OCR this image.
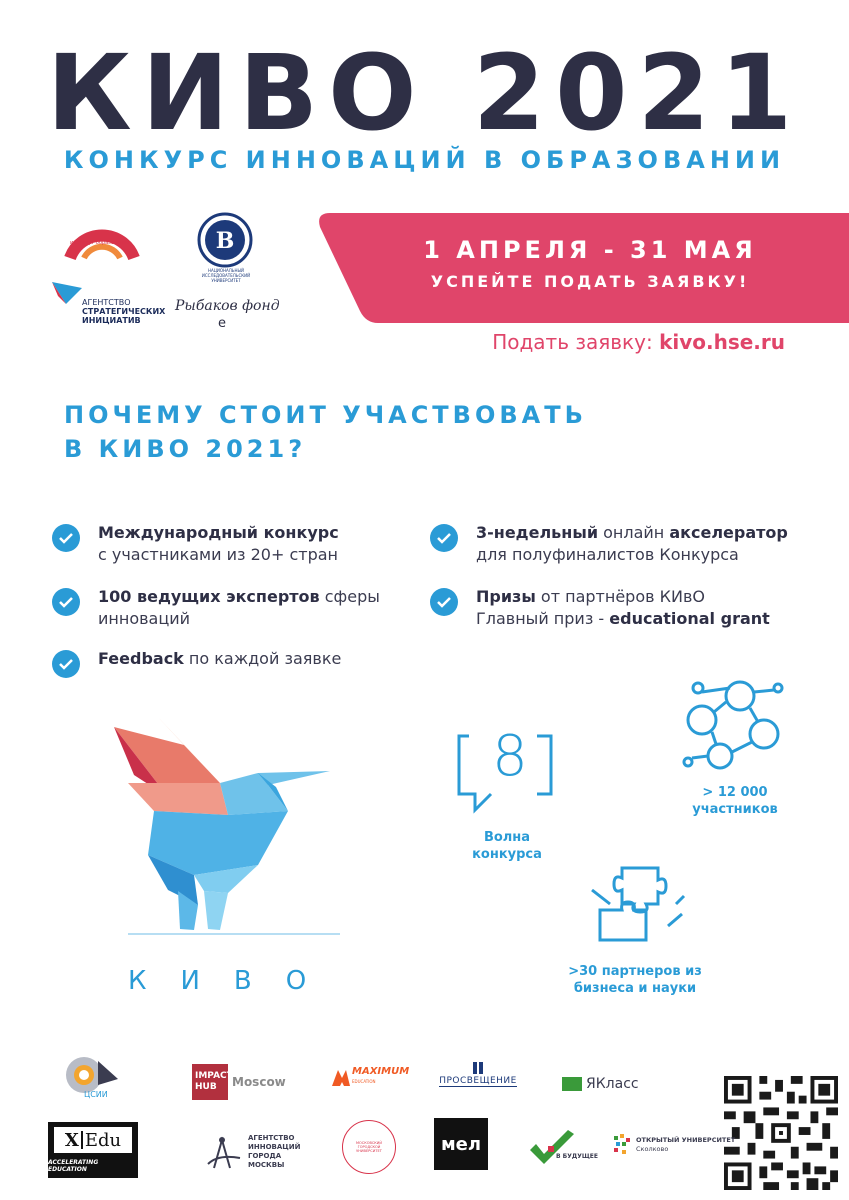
КИВО 2021
КОНКУРС ИННОВАЦИЙ В ОБРАЗОВАНИИ
институт образования	В
НАЦИОНАЛЬНЫЙ ИССЛЕДОВАТЕЛЬСКИЙ УНИВЕРСИТЕТ
АГЕНТСТВО
СТРАТЕГИЧЕСКИХ
ИНИЦИАТИВ
Рыбаков фонд
е
1 АПРЕЛЯ - 31 МАЯ
УСПЕЙТЕ ПОДАТЬ ЗАЯВКУ!
Подать заявку: kivo.hse.ru
ПОЧЕМУ СТОИТ УЧАСТВОВАТЬ
В КИВО 2021?
Международный конкурс
с участниками из 20+ стран
100 ведущих экспертов сферы
инноваций
Feedback по каждой заявке
3-недельный онлайн акселератор
для полуфиналистов Конкурса
Призы от партнёров КИвО
Главный приз - educational grant
КИВО
8
Волна
конкурса
> 12 000
участников
>30 партнеров из
бизнеса и науки
ЦСИИ
IMPACT
HUB	Moscow
MAXIMUM
EDUCATION	ПРОСВЕЩЕНИЕ	ЯКласс
X Edu
ACCELERATING EDUCATION
АГЕНТСТВО
ИННОВАЦИЙ
ГОРОДА
МОСКВЫ
МОСКОВСКИЙ ГОРОДСКОЙ УНИВЕРСИТЕТ	мел
В БУДУЩЕЕ
ОТКРЫТЫЙ УНИВЕРСИТЕТ
Сколково
